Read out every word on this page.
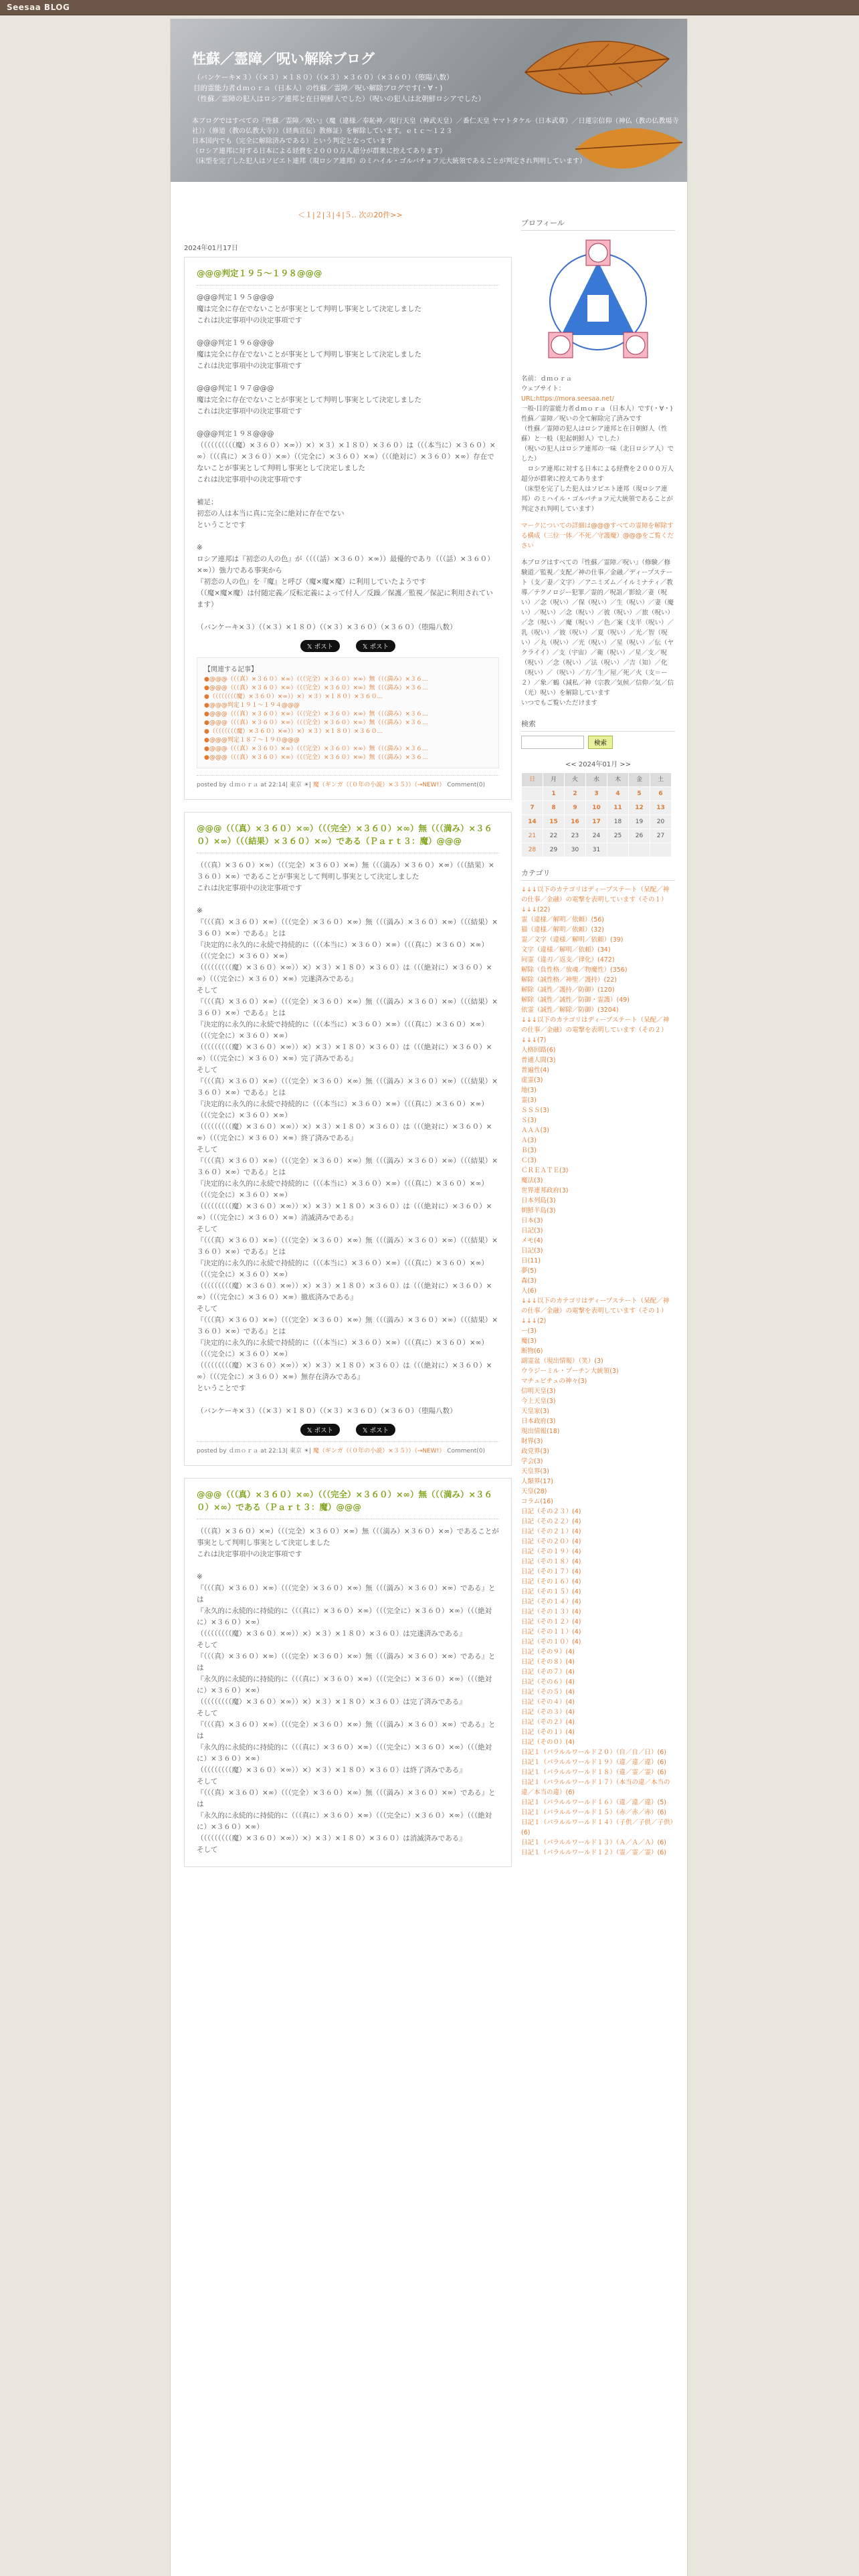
Seesaa BLOG
性蘇／霊障／呪い解除ブログ
（バンケーキ×３）（（×３）×１８０）（（×３）×３６０）（×３６０）（堕陽八数）
目的霊能力者ｄｍｏｒａ（日本人）の性蘇／霊障／呪い解除ブログです(・∀・)
（性蘇／霊障の犯人はロシア連邦と在日朝鮮人でした）（呪いの犯人は北朝鮮ロシアでした）
本ブログではすべての『性蘇／霊障／呪い』（魔（違様／奉恥神／現行天皇（神武天皇）／番仁天皇 ヤマトタケル（日本武尊）／日蓮宗信仰（神仏（教の仏教場寺社））（修道（教の仏教大寺））（経典宣伝）教修証）を解除しています。ｅｔｃ～１２３
日本国内でも（完全に解除済みである）という判定となっています
（ロシア連邦に対する日本による経費を２０００万人超分が群衆に控えてあります）
（床型を完了した犯人はソビエト連邦（現ロシア連邦）のミハイル・ゴルバチョフ元大統領であることが判定され判明しています）
＜１|２|３|４|５.. 次の20件>>
2024年01月17日
@@@判定１９５～１９８@@@
@@@判定１９５@@@
魔は完全に存在でないことが事実として判明し事実として決定しました
これは決定事項中の決定事項です

@@@判定１９６@@@
魔は完全に存在でないことが事実として判明し事実として決定しました
これは決定事項中の決定事項です

@@@判定１９７@@@
魔は完全に存在でないことが事実として判明し事実として決定しました
これは決定事項中の決定事項です

@@@判定１９８@@@
（（（（（（（（（（魔）×３６０）×∞））×）×３）×１８０）×３６０）は（（（本当に）×３６０）×∞）（（（真に）×３６０）×∞）（（完全に）×３６０）×∞）（（（絶対に）×３６０）×∞）存在でないことが事実として判明し事実として決定しました
これは決定事項中の決定事項です

補足：
初恋の人は本当に真に完全に絶対に存在でない
ということです

※
ロシア連邦は『初恋の人の色』が（（（（話）×３６０）×∞））最優的であり（（（話）×３６０）×∞））強力である事実から
『初恋の人の色』を『魔』と呼び（魔×魔×魔）に利用していたようです
（（魔×魔×魔）は付随定義／反転定義によって付人／反躁／保護／監視／保記に利用されています）

（バンケーキ×３）（（×３）×１８０）（（×３）×３６０）（×３６０）（堕陽八数）
𝕏 ポスト	𝕏 ポスト
【関連する記事】
●@@@（（（真）×３６０）×∞）（（（完全）×３６０）×∞）無（（（満み）×３６...
●@@@（（（真）×３６０）×∞）（（（完全）×３６０）×∞）無（（（満み）×３６...
●（（（（（（（（魔）×３６０）×∞））×）×３）×１８０）×３６０...
●@@@判定１９１～１９４@@@
●@@@（（（真）×３６０）×∞）（（（完全）×３６０）×∞）無（（（満み）×３６...
●@@@（（（真）×３６０）×∞）（（（完全）×３６０）×∞）無（（（満み）×３６...
●（（（（（（（（魔）×３６０）×∞））×）×３）×１８０）×３６０...
●@@@判定１８７～１９０@@@
●@@@（（（真）×３６０）×∞）（（（完全）×３６０）×∞）無（（（満み）×３６...
●@@@（（（真）×３６０）×∞）（（（完全）×３６０）×∞）無（（（満み）×３６...
posted by ｄｍｏｒａ at 22:14| 東京 ☀| 魔（ギンガ（（０年の小説）×３５））（→NEW!） Comment(0)
@@@（（（真）×３６０）×∞）（（（完全）×３６０）×∞）無（（（満み）×３６０）×∞）（（（結果）×３６０）×∞）である（Ｐａｒｔ３：魔）@@@
（（（真）×３６０）×∞）（（（完全）×３６０）×∞）無（（（満み）×３６０）×∞）（（（結果）×３６０）×∞）であることが事実として判明し事実として決定しました
これは決定事項中の決定事項です

※
『（（（真）×３６０）×∞）（（（完全）×３６０）×∞）無（（（満み）×３６０）×∞）（（（結果）×３６０）×∞）である』とは
『決定的に永久的に永続で持続的に（（（本当に）×３６０）×∞）（（（真に）×３６０）×∞）（（（完全に）×３６０）×∞）
（（（（（（（（（魔）×３６０）×∞））×）×３）×１８０）×３６０）は（（（絶対に）×３６０）×∞）（（（完全に）×３６０）×∞）完遂済みである』
そして
『（（（真）×３６０）×∞）（（（完全）×３６０）×∞）無（（（満み）×３６０）×∞）（（（結果）×３６０）×∞）である』とは
『決定的に永久的に永続で持続的に（（（本当に）×３６０）×∞）（（（真に）×３６０）×∞）（（（完全に）×３６０）×∞）
（（（（（（（（（魔）×３６０）×∞））×）×３）×１８０）×３６０）は（（（絶対に）×３６０）×∞）（（（完全に）×３６０）×∞）完了済みである』
そして
『（（（真）×３６０）×∞）（（（完全）×３６０）×∞）無（（（満み）×３６０）×∞）（（（結果）×３６０）×∞）である』とは
『決定的に永久的に永続で持続的に（（（本当に）×３６０）×∞）（（（真に）×３６０）×∞）（（（完全に）×３６０）×∞）
（（（（（（（（（魔）×３６０）×∞））×）×３）×１８０）×３６０）は（（（絶対に）×３６０）×∞）（（（完全に）×３６０）×∞）終了済みである』
そして
『（（（真）×３６０）×∞）（（（完全）×３６０）×∞）無（（（満み）×３６０）×∞）（（（結果）×３６０）×∞）である』とは
『決定的に永久的に永続で持続的に（（（本当に）×３６０）×∞）（（（真に）×３６０）×∞）（（（完全に）×３６０）×∞）
（（（（（（（（（魔）×３６０）×∞））×）×３）×１８０）×３６０）は（（（絶対に）×３６０）×∞）（（（完全に）×３６０）×∞）消滅済みである』
そして
『（（（真）×３６０）×∞）（（（完全）×３６０）×∞）無（（（満み）×３６０）×∞）（（（結果）×３６０）×∞）である』とは
『決定的に永久的に永続で持続的に（（（本当に）×３６０）×∞）（（（真に）×３６０）×∞）（（（完全に）×３６０）×∞）
（（（（（（（（（魔）×３６０）×∞））×）×３）×１８０）×３６０）は（（（絶対に）×３６０）×∞）（（（完全に）×３６０）×∞）撤底済みである』
そして
『（（（真）×３６０）×∞）（（（完全）×３６０）×∞）無（（（満み）×３６０）×∞）（（（結果）×３６０）×∞）である』とは
『決定的に永久的に永続で持続的に（（（本当に）×３６０）×∞）（（（真に）×３６０）×∞）（（（完全に）×３６０）×∞）
（（（（（（（（（魔）×３６０）×∞））×）×３）×１８０）×３６０）は（（（絶対に）×３６０）×∞）（（（完全に）×３６０）×∞）無存在済みである』
ということです

（バンケーキ×３）（（×３）×１８０）（（×３）×３６０）（×３６０）（堕陽八数）
𝕏 ポスト	𝕏 ポスト
posted by ｄｍｏｒａ at 22:13| 東京 ☀| 魔（ギンガ（（０年の小説）×３５））（→NEW!） Comment(0)
@@@（（（真）×３６０）×∞）（（（完全）×３６０）×∞）無（（（満み）×３６０）×∞）である（Ｐａｒｔ３：魔）@@@
（（（真）×３６０）×∞）（（（完全）×３６０）×∞）無（（（満み）×３６０）×∞）であることが事実として判明し事実として決定しました
これは決定事項中の決定事項です

※
『（（（真）×３６０）×∞）（（（完全）×３６０）×∞）無（（（満み）×３６０）×∞）である』とは
『永久的に永続的に持続的に（（（真に）×３６０）×∞）（（（完全に）×３６０）×∞）（（（絶対に）×３６０）×∞）
（（（（（（（（（魔）×３６０）×∞））×）×３）×１８０）×３６０）は完遂済みである』
そして
『（（（真）×３６０）×∞）（（（完全）×３６０）×∞）無（（（満み）×３６０）×∞）である』とは
『永久的に永続的に持続的に（（（真に）×３６０）×∞）（（（完全に）×３６０）×∞）（（（絶対に）×３６０）×∞）
（（（（（（（（（魔）×３６０）×∞））×）×３）×１８０）×３６０）は完了済みである』
そして
『（（（真）×３６０）×∞）（（（完全）×３６０）×∞）無（（（満み）×３６０）×∞）である』とは
『永久的に永続的に持続的に（（（真に）×３６０）×∞）（（（完全に）×３６０）×∞）（（（絶対に）×３６０）×∞）
（（（（（（（（（魔）×３６０）×∞））×）×３）×１８０）×３６０）は終了済みである』
そして
『（（（真）×３６０）×∞）（（（完全）×３６０）×∞）無（（（満み）×３６０）×∞）である』とは
『永久的に永続的に持続的に（（（真に）×３６０）×∞）（（（完全に）×３６０）×∞）（（（絶対に）×３６０）×∞）
（（（（（（（（（魔）×３６０）×∞））×）×３）×１８０）×３６０）は消滅済みである』
そして
プロフィール
名前：ｄｍｏｒａ
ウェブサイト：
URL:https://mora.seesaa.net/
一般-目的霊能力者ｄｍｏｒａ（日本人）です(・∀・)
性蘇／霊障／呪いの全て解除完了済みです
（性蘇／霊障の犯人はロシア連邦と在日朝鮮人（性蘇）と一般（犯起朝鮮人）でした）
（呪いの犯人はロシア連邦の一味（北日ロシア人）でした）
　ロシア連邦に対する日本による経費を２０００万人超分が群衆に控えてあります
（床型を完了した犯人はソビエト連邦（現ロシア連邦）のミハイル・ゴルバチョフ元大統領であることが判定され判明しています）
マークについての詳細は@@@すべての霊障を解除する構成（三位一体／不死／守護魔）@@@をご覧ください
本ブログはすべての『性蘇／霊障／呪い』（修験／修験道／監視／支配／神の仕事／金融／ディープステート（支／妻／文字）／アニミズム／イルミナティ／教導／テクノロジー犯罪／霊的／呪詛／影絵／妻（呪い）／念（呪い）／保（呪い）／生（呪い）／妻（魔い）／呪い）／念（呪い）／彼（呪い）／旅（呪い）／念（呪い）／魔（呪い）／色／案（支半（呪い）／乳（呪い）／彼（呪い）／夏（呪い）／光／智（呪い）／丸（呪い）／光（呪い）／星（呪い）／伝（ヤクライイ）／支（宇宙）／衛（呪い）／星／支／呪（呪い）／念（呪い）／法（呪い）／吉（知）／化（呪い）／（呪い）／方／生／屋／死／火（支＝ー２）／象／鶴（減私／神（宗教／気候／信仰／気／信（光）呪い）を解除しています
いつでもご覧いただけます
検索
検索
<< 2024年01月 >>
日	月	火	水	木	金	土
	1	2	3	4	5	6
7	8	9	10	11	12	13
14	15	16	17	18	19	20
21	22	23	24	25	26	27
28	29	30	31			
カテゴリ
↓↓↓以下のカテゴリはディープステート（呆配／神の仕事／金融）の電撃を表明しています（その１）↓↓↓(22)
霊（違様／解明／依頼）(56)
猫（違様／解明／依頼）(32)
霊／文字（違様／解明／依頼）(39)
文字（違様／解明／依頼）(34)
同霊（違刃／返支／律化）(472)
解除（負性格／放魂／物魔性）(356)
解除（誠性格／神聖／護持）(22)
解除（誠性／護持／防御）(120)
解除（誠性／誠性／防御・霊護）(49)
依霊（誠性／解除／防御）(3204)
↓↓↓以下のカテゴリはディープステート（呆配／神の仕事／金融）の電撃を表明しています（その２）↓↓↓(7)
人格回路(6)
普通人間(3)
普遍性(4)
虚霊(3)
地(3)
霊(3)
ＳＳＳ(3)
Ｓ(3)
ＡＡＡ(3)
Ａ(3)
Ｂ(3)
Ｃ(3)
ＣＲＥＡＴＥ(3)
魔法(3)
世界連邦政府(3)
日本列島(3)
朝鮮半島(3)
日本(3)
日記(3)
メモ(4)
日記(3)
日(11)
夢(5)
森(3)
人(6)
↓↓↓以下のカテゴリはディープステート（呆配／神の仕事／金融）の電撃を表明しています（その１）↓↓↓(2)
ー(3)
魔(3)
断物(6)
副霊盆（現出情報）（笑）(3)
ウラジーミル・プーチン大統領(3)
マチュピチュの神々(3)
信明天皇(3)
今上天皇(3)
天皇家(3)
日本政府(3)
現出情報(18)
財界(3)
政党界(3)
学会(3)
天皇界(3)
人類界(17)
天皇(28)
コラム(16)
日記（その２３）(4)
日記（その２２）(4)
日記（その２１）(4)
日記（その２０）(4)
日記（その１９）(4)
日記（その１８）(4)
日記（その１７）(4)
日記（その１６）(4)
日記（その１５）(4)
日記（その１４）(4)
日記（その１３）(4)
日記（その１２）(4)
日記（その１１）(4)
日記（その１０）(4)
日記（その９）(4)
日記（その８）(4)
日記（その７）(4)
日記（その６）(4)
日記（その５）(4)
日記（その４）(4)
日記（その３）(4)
日記（その２）(4)
日記（その１）(4)
日記（その０）(4)
日記１（パラルルワールド２０）（自／自／日）(6)
日記１（パラルルワールド１９）（違／違／違）(6)
日記１（パラルルワールド１８）（違／霊／霊）(6)
日記１（パラルルワールド１７）（本当の違／本当の違／本当の違）(6)
日記１（パラルルワールド１６）（違／違／違）(5)
日記１（パラルルワールド１５）（赤／赤／赤）(6)
日記１（パラルルワールド１４）（子供／子供／子供）(6)
日記１（パラルルワールド１３）（Ａ／Ａ／Ａ）(6)
日記１（パラルルワールド１２）（霊／霊／霊）(6)
